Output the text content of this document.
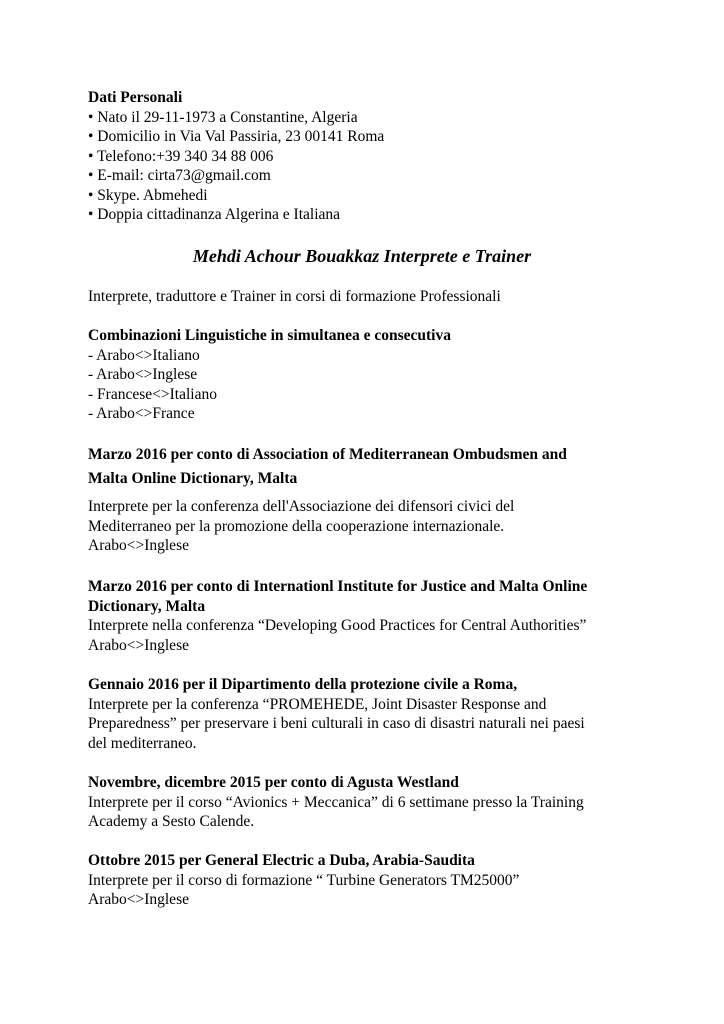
Dati Personali
• Nato il 29-11-1973 a Constantine, Algeria
• Domicilio in Via Val Passiria, 23 00141 Roma
• Telefono:+39 340 34 88 006
• E-mail: cirta73@gmail.com
• Skype. Abmehedi
• Doppia cittadinanza Algerina e Italiana
Mehdi Achour Bouakkaz Interprete e Trainer
Interprete, traduttore e Trainer in corsi di formazione Professionali
Combinazioni Linguistiche in simultanea e consecutiva
- Arabo<>Italiano
- Arabo<>Inglese
- Francese<>Italiano
- Arabo<>France
Marzo 2016 per conto di Association of Mediterranean Ombudsmen and
Malta Online Dictionary, Malta
Interprete per la conferenza dell'Associazione dei difensori civici del
Mediterraneo per la promozione della cooperazione internazionale.
Arabo<>Inglese
Marzo 2016 per conto di Internationl Institute for Justice and Malta Online
Dictionary, Malta
Interprete nella conferenza “Developing Good Practices for Central Authorities”
Arabo<>Inglese
Gennaio 2016 per il Dipartimento della protezione civile a Roma,
Interprete per la conferenza “PROMEHEDE, Joint Disaster Response and
Preparedness” per preservare i beni culturali in caso di disastri naturali nei paesi
del mediterraneo.
Novembre, dicembre 2015 per conto di Agusta Westland
Interprete per il corso “Avionics + Meccanica” di 6 settimane presso la Training
Academy a Sesto Calende.
Ottobre 2015 per General Electric a Duba, Arabia-Saudita
Interprete per il corso di formazione “ Turbine Generators TM25000”
Arabo<>Inglese
